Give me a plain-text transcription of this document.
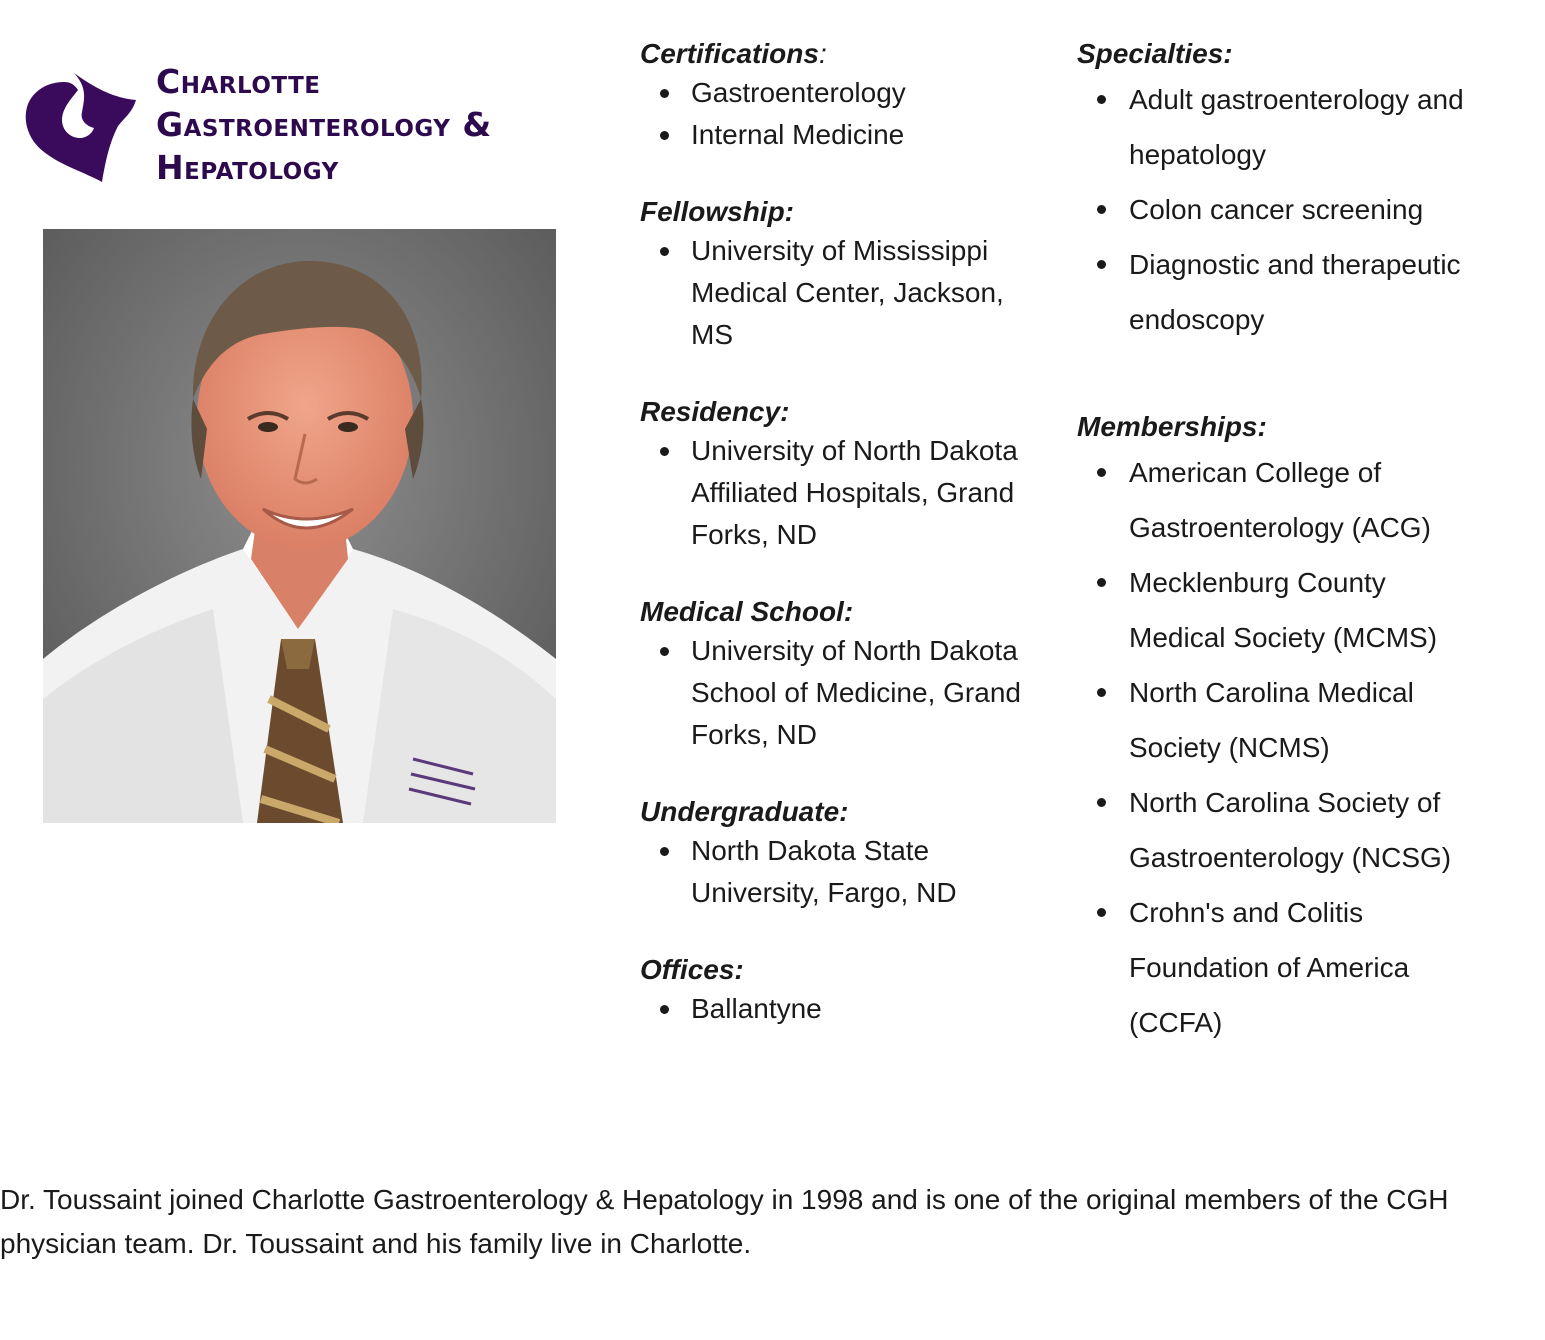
Charlotte
Gastroenterology &
Hepatology
Certifications:
Gastroenterology
Internal Medicine
Fellowship:
University of Mississippi Medical Center, Jackson, MS
Residency:
University of North Dakota Affiliated Hospitals, Grand Forks, ND
Medical School:
University of North Dakota School of Medicine, Grand Forks, ND
Undergraduate:
North Dakota State University, Fargo, ND
Offices:
Ballantyne
Specialties:
Adult gastroenterology and hepatology
Colon cancer screening
Diagnostic and therapeutic endoscopy
Memberships:
American College of Gastroenterology (ACG)
Mecklenburg County Medical Society (MCMS)
North Carolina Medical Society (NCMS)
North Carolina Society of Gastroenterology (NCSG)
Crohn's and Colitis Foundation of America (CCFA)

Dr. Toussaint joined Charlotte Gastroenterology & Hepatology in 1998 and is one of the original members of the CGH physician team. Dr. Toussaint and his family live in Charlotte.
